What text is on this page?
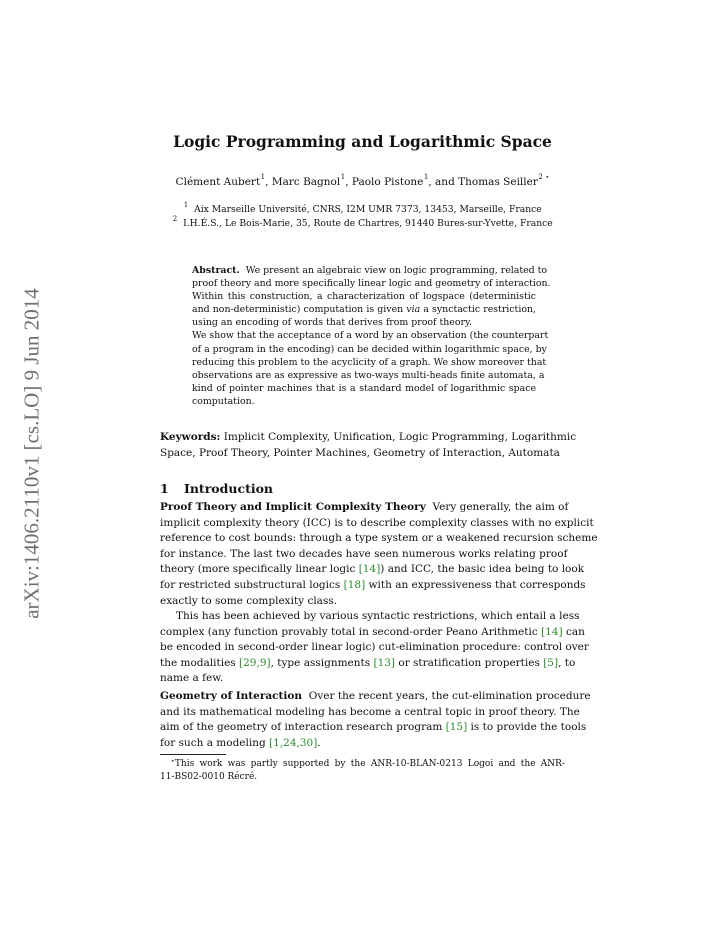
arXiv:1406.2110v1 [cs.LO] 9 Jun 2014
Logic Programming and Logarithmic Space
Clément Aubert$^1$, Marc Bagnol$^1$, Paolo Pistone$^1$, and Thomas Seiller$^{2 ⋆}$
$^1$ Aix Marseille Université, CNRS, I2M UMR 7373, 13453, Marseille, France
$^2$ I.H.É.S., Le Bois-Marie, 35, Route de Chartres, 91440 Bures-sur-Yvette, France
Abstract. We present an algebraic view on logic programming, related to
proof theory and more specifically linear logic and geometry of interaction.
Within this construction, a characterization of logspace (deterministic
and non-deterministic) computation is given via a synctactic restriction,
using an encoding of words that derives from proof theory.
We show that the acceptance of a word by an observation (the counterpart
of a program in the encoding) can be decided within logarithmic space, by
reducing this problem to the acyclicity of a graph. We show moreover that
observations are as expressive as two-ways multi-heads finite automata, a
kind of pointer machines that is a standard model of logarithmic space
computation.
Keywords: Implicit Complexity, Unification, Logic Programming, Logarithmic
Space, Proof Theory, Pointer Machines, Geometry of Interaction, Automata
1 Introduction
Proof Theory and Implicit Complexity Theory Very generally, the aim of
implicit complexity theory (ICC) is to describe complexity classes with no explicit
reference to cost bounds: through a type system or a weakened recursion scheme
for instance. The last two decades have seen numerous works relating proof
theory (more specifically linear logic [14]) and ICC, the basic idea being to look
for restricted substructural logics [18] with an expressiveness that corresponds
exactly to some complexity class.
This has been achieved by various syntactic restrictions, which entail a less
complex (any function provably total in second-order Peano Arithmetic [14] can
be encoded in second-order linear logic) cut-elimination procedure: control over
the modalities [29,9], type assignments [13] or stratification properties [5], to
name a few.
Geometry of Interaction Over the recent years, the cut-elimination procedure
and its mathematical modeling has become a central topic in proof theory. The
aim of the geometry of interaction research program [15] is to provide the tools
for such a modeling [1,24,30].
⋆This work was partly supported by the ANR-10-BLAN-0213 Logoi and the ANR-
11-BS02-0010 Récré.
